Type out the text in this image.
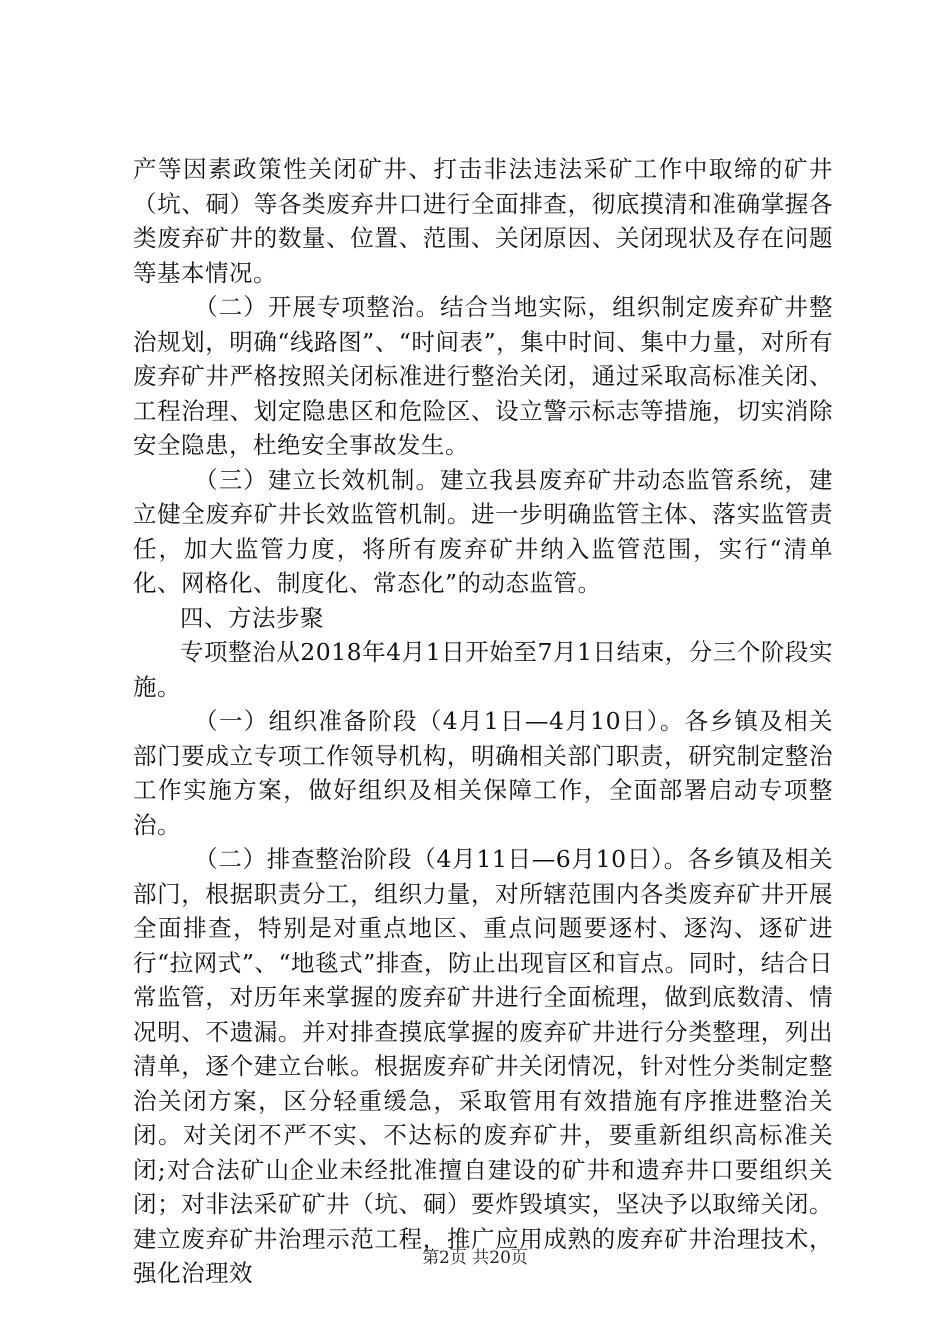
产等因素政策性关闭矿井、打击非法违法采矿工作中取缔的矿井（坑、硐）等各类废弃井口进行全面排查，彻底摸清和准确掌握各类废弃矿井的数量、位置、范围、关闭原因、关闭现状及存在问题等基本情况。

（二）开展专项整治。结合当地实际，组织制定废弃矿井整治规划，明确“线路图”、“时间表”，集中时间、集中力量，对所有废弃矿井严格按照关闭标准进行整治关闭，通过采取高标准关闭、工程治理、划定隐患区和危险区、设立警示标志等措施，切实消除安全隐患，杜绝安全事故发生。

（三）建立长效机制。建立我县废弃矿井动态监管系统，建立健全废弃矿井长效监管机制。进一步明确监管主体、落实监管责任，加大监管力度，将所有废弃矿井纳入监管范围，实行“清单化、网格化、制度化、常态化”的动态监管。

四、方法步聚

专项整治从2018年4月1日开始至7月1日结束，分三个阶段实施。

（一）组织准备阶段（4月1日—4月10日）。各乡镇及相关部门要成立专项工作领导机构，明确相关部门职责，研究制定整治工作实施方案，做好组织及相关保障工作，全面部署启动专项整治。

（二）排查整治阶段（4月11日—6月10日）。各乡镇及相关部门，根据职责分工，组织力量，对所辖范围内各类废弃矿井开展全面排查，特别是对重点地区、重点问题要逐村、逐沟、逐矿进行“拉网式”、“地毯式”排查，防止出现盲区和盲点。同时，结合日常监管，对历年来掌握的废弃矿井进行全面梳理，做到底数清、情况明、不遗漏。并对排查摸底掌握的废弃矿井进行分类整理，列出清单，逐个建立台帐。根据废弃矿井关闭情况，针对性分类制定整治关闭方案，区分轻重缓急，采取管用有效措施有序推进整治关闭。对关闭不严不实、不达标的废弃矿井，要重新组织高标准关闭;对合法矿山企业未经批准擅自建设的矿井和遗弃井口要组织关闭；对非法采矿矿井（坑、硐）要炸毁填实，坚决予以取缔关闭。建立废弃矿井治理示范工程，推广应用成熟的废弃矿井治理技术，强化治理效

第2页 共20页
